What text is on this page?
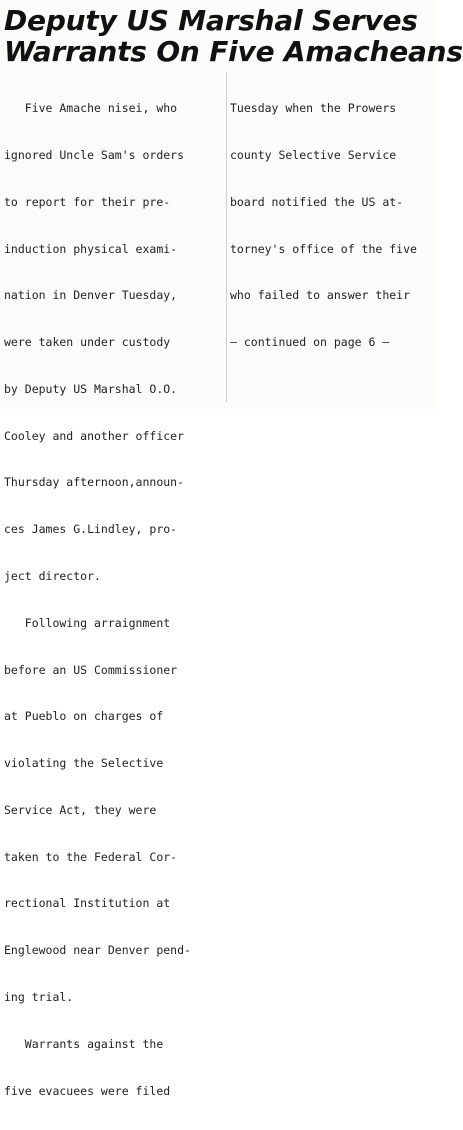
Deputy US Marshal Serves
Warrants On Five Amacheans

Five Amache nisei, who

ignored Uncle Sam's orders

to report for their pre-

induction physical exami-

nation in Denver Tuesday,

were taken under custody

by Deputy US Marshal O.O.

Cooley and another officer

Thursday afternoon,announ-

ces James G.Lindley, pro-

ject director.

Following arraignment

before an US Commissioner

at Pueblo on charges of

violating the Selective

Service Act, they were

taken to the Federal Cor-

rectional Institution at

Englewood near Denver pend-

ing trial.

Warrants against the

five evacuees were filed

Tuesday when the Prowers

county Selective Service

board notified the US at-

torney's office of the five

who failed to answer their

— continued on page 6 —
